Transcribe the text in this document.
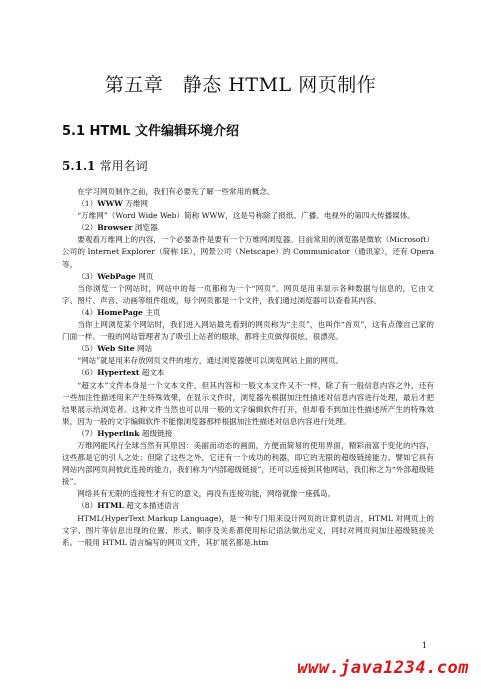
第五章　静态 HTML 网页制作
5.1 HTML 文件编辑环境介绍
5.1.1 常用名词

在学习网页制作之前，我们有必要先了解一些常用的概念。

（1）WWW 万维网

“万维网”（Word Wide Web）简称 WWW，这是号称除了报纸、广播、电视外的第四大传播媒体。

（2）Browser 浏览器

要观看万维网上的内容，一个必要条件是要有一个万维网浏览器。目前常用的浏览器是微软（Microsoft）公司的 Internet Explorer（简称 IE），网景公司（Netscape）的 Communicator（通讯家），还有 Opera 等。

（3）WebPage 网页

当你浏览一个网站时，网站中的每一页都称为一个“网页”。网页是用来显示各种数据与信息的，它由文字、图片、声音、动画等组件组成，每个网页都是一个文件，我们通过浏览器可以查看其内容。

（4）HomePage 主页

当你上网浏览某个网站时，我们进入网站最先看到的网页称为“主页”，也叫作“首页”，这有点像自己家的门面一样。一般的网站管理者为了吸引上站者的眼球，都将主页做得很炫、很漂亮。

（5）Web Site 网站

“网站”就是用来存放网页文件的地方，通过浏览器便可以浏览网站上面的网页。

（6）Hypertext 超文本

“超文本”文件本身是一个文本文件，但其内容和一般文本文件又不一样，除了有一般信息内容之外，还有一些加注性描述用来产生特殊效果，在显示文件时，浏览器先根据加注性描述对信息内容进行处理，最后才把结果展示给浏览者。这种文件当然也可以用一般的文字编辑软件打开，但却看不到加注性描述所产生的特殊效果，因为一般的文字编辑软件不能像浏览器那样根据加注性描述对信息内容进行处理。

（7）Hyperlink 超级链接

万维网能风行全球当然有其原因：美丽而动态的画面，方便而简易的使用界面，精彩而富于变化的内容，这些都是它的引人之处；但除了这些之外，它还有一个成功的利器，即它的无限的超级链接能力。譬如它具有网站内部网页间彼此连接的能力，我们称为“内部超级链接”，还可以连接到其他网站，我们称之为“外部超级链接”。

网络具有无限的连接性才有它的意义，再没有连接功能，网络就像一座孤岛。

（8）HTML 超文本描述语言

HTML(HyperText Markup Language)，是一种专门用来设计网页的计算机语言，HTML 对网页上的文字、图片等信息出现的位置、形式、顺序及关系都使用标记语法做出定义，同时对网页间加注超级链接关系。一般用 HTML 语言编写的网页文件，其扩展名都是.htm

1
www.java1234.com
